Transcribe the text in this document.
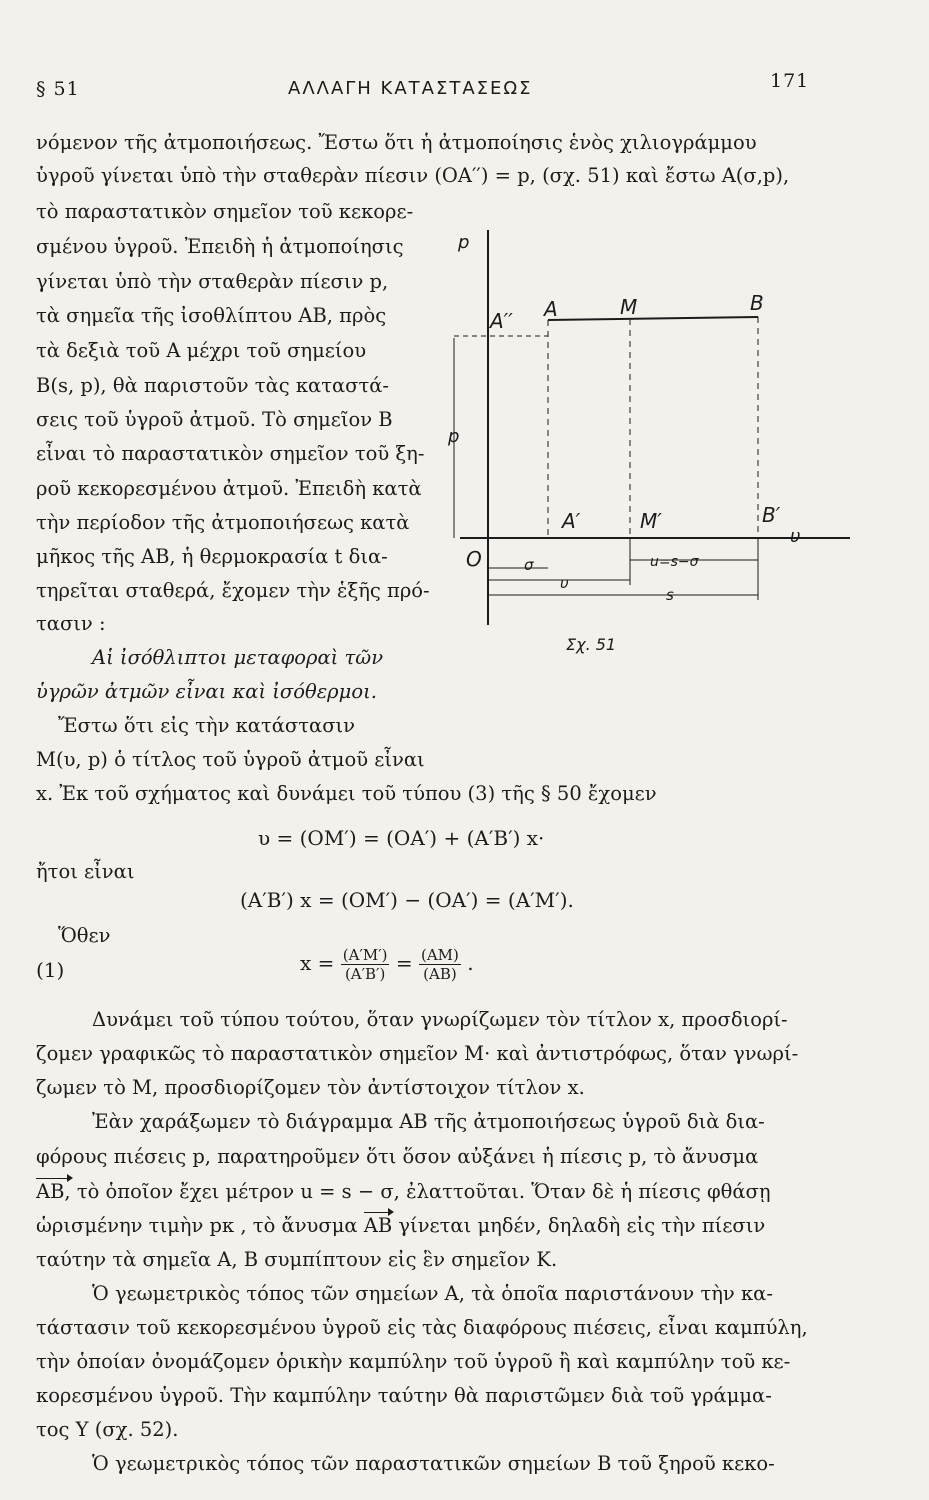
§ 51	ΑΛΛΑΓΗ ΚΑΤΑΣΤΑΣΕΩΣ	171
νόμενον τῆς ἀτμοποιήσεως. Ἔστω ὅτι ἡ ἀτμοποίησις ἑνὸς χιλιογράμμου
ὑγροῦ γίνεται ὑπὸ τὴν σταθερὰν πίεσιν (ΟΑ′′) = p, (σχ. 51) καὶ ἔστω Α(σ,p),
τὸ παραστατικὸν σημεῖον τοῦ κεκορε-
σμένου ὑγροῦ. Ἐπειδὴ ἡ ἀτμοποίησις
γίνεται ὑπὸ τὴν σταθερὰν πίεσιν p,
τὰ σημεῖα τῆς ἰσοθλίπτου ΑΒ, πρὸς
τὰ δεξιὰ τοῦ Α μέχρι τοῦ σημείου
Β(s, p), θὰ παριστοῦν τὰς καταστά-
σεις τοῦ ὑγροῦ ἀτμοῦ. Τὸ σημεῖον Β
εἶναι τὸ παραστατικὸν σημεῖον τοῦ ξη-
ροῦ κεκορεσμένου ἀτμοῦ. Ἐπειδὴ κατὰ
τὴν περίοδον τῆς ἀτμοποιήσεως κατὰ
μῆκος τῆς ΑΒ, ἡ θερμοκρασία t δια-
τηρεῖται σταθερά, ἔχομεν τὴν ἑξῆς πρό-
τασιν :
Αἱ ἰσόθλιπτοι μεταφοραὶ τῶν
ὑγρῶν ἀτμῶν εἶναι καὶ ἰσόθερμοι.
Ἔστω ὅτι εἰς τὴν κατάστασιν
Μ(υ, p) ὁ τίτλος τοῦ ὑγροῦ ἀτμοῦ εἶναι
x. Ἐκ τοῦ σχήματος καὶ δυνάμει τοῦ τύπου (3) τῆς § 50 ἔχομεν
υ = (ΟΜ′) = (ΟΑ′) + (Α′Β′) x·
ἤτοι εἶναι
(Α′Β′) x = (ΟΜ′) − (ΟΑ′) = (Α′Μ′).
Ὅθεν
(1)	$x = \frac{(A'M')}{(A'B')} = \frac{(AM)}{(AB)}$ .
Δυνάμει τοῦ τύπου τούτου, ὅταν γνωρίζωμεν τὸν τίτλον x, προσδιορί-
ζομεν γραφικῶς τὸ παραστατικὸν σημεῖον Μ· καὶ ἀντιστρόφως, ὅταν γνωρί-
ζωμεν τὸ Μ, προσδιορίζομεν τὸν ἀντίστοιχον τίτλον x.
Ἐὰν χαράξωμεν τὸ διάγραμμα ΑΒ τῆς ἀτμοποιήσεως ὑγροῦ διὰ δια-
φόρους πιέσεις p, παρατηροῦμεν ὅτι ὅσον αὐξάνει ἡ πίεσις p, τὸ ἄνυσμα
ΑΒ, τὸ ὁποῖον ἔχει μέτρον u = s − σ, ἐλαττοῦται. Ὅταν δὲ ἡ πίεσις φθάσῃ
ὡρισμένην τιμὴν pκ , τὸ ἄνυσμα ΑΒ γίνεται μηδέν, δηλαδὴ εἰς τὴν πίεσιν
ταύτην τὰ σημεῖα Α, Β συμπίπτουν εἰς ἓν σημεῖον Κ.
Ὁ γεωμετρικὸς τόπος τῶν σημείων Α, τὰ ὁποῖα παριστάνουν τὴν κα-
τάστασιν τοῦ κεκορεσμένου ὑγροῦ εἰς τὰς διαφόρους πιέσεις, εἶναι καμπύλη,
τὴν ὁποίαν ὀνομάζομεν ὁρικὴν καμπύλην τοῦ ὑγροῦ ἢ καὶ καμπύλην τοῦ κε-
κορεσμένου ὑγροῦ. Τὴν καμπύλην ταύτην θὰ παριστῶμεν διὰ τοῦ γράμμα-
τος Υ (σχ. 52).
Ὁ γεωμετρικὸς τόπος τῶν παραστατικῶν σημείων Β τοῦ ξηροῦ κεκο-
p
p
Α′′ Α	Μ	Β
Α′	Μ′	Β′
Ο
υ
σ	u=s−σ
υ
s
Σχ. 51
